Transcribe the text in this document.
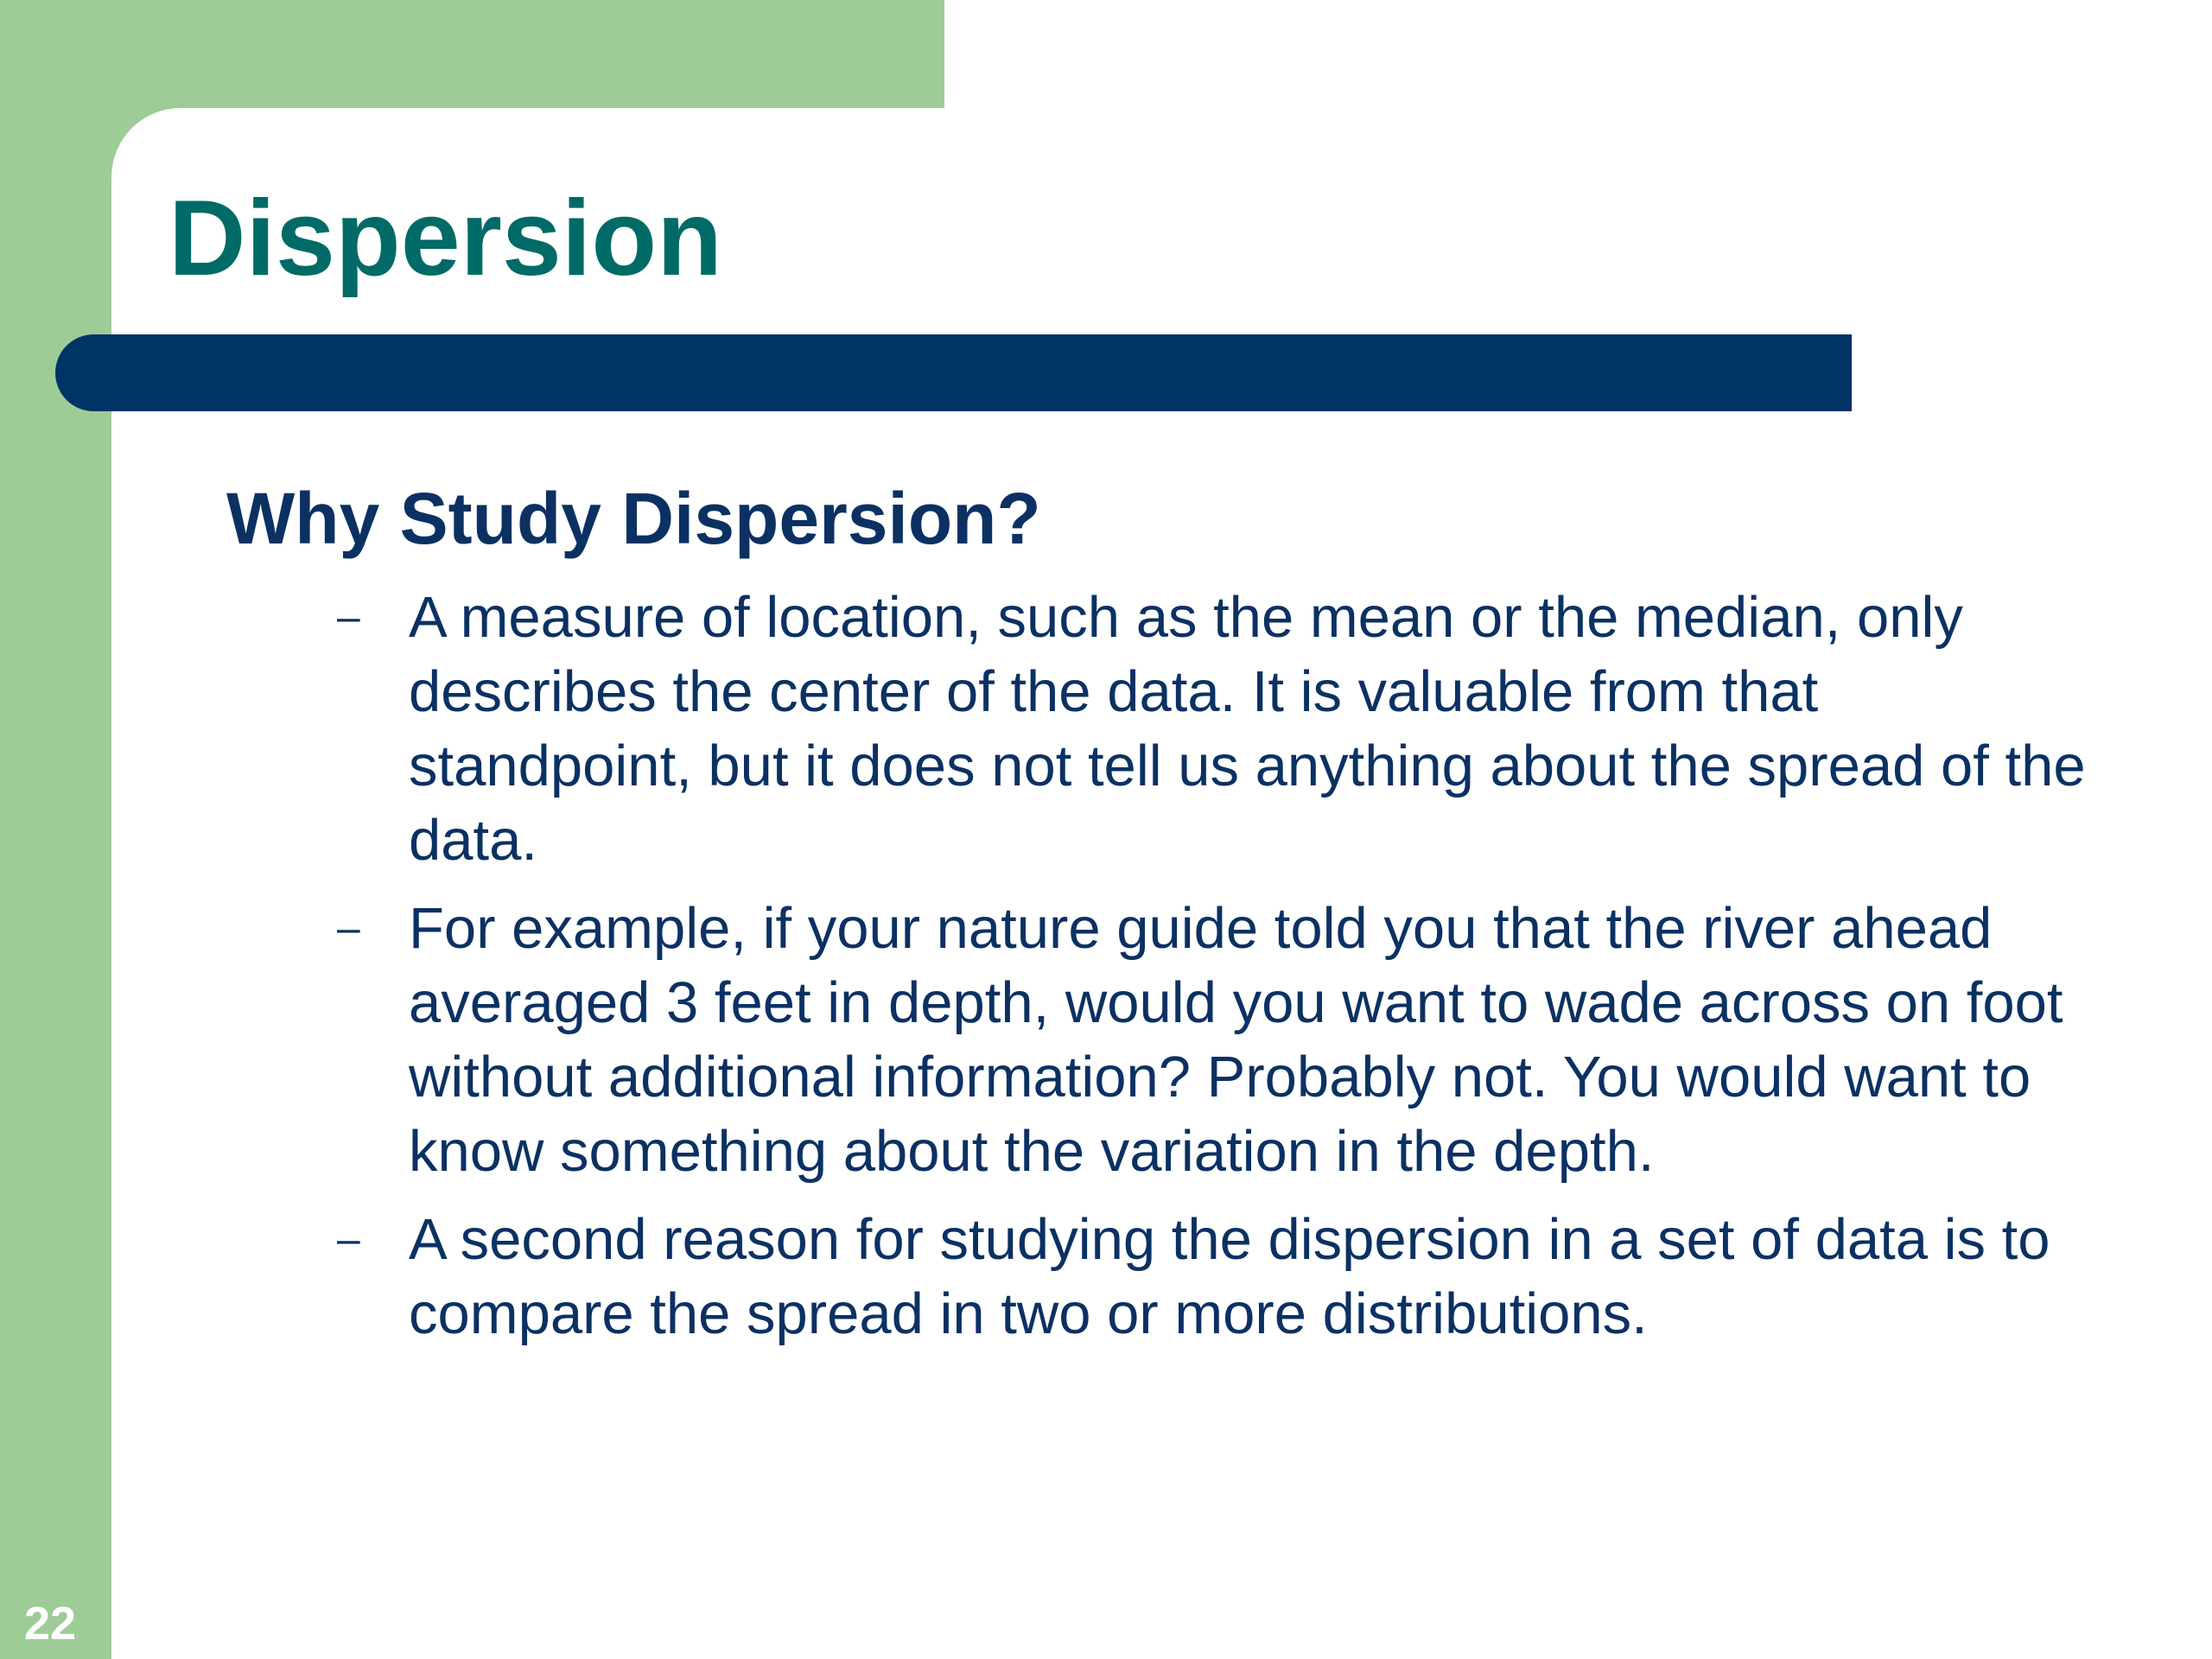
Dispersion
Why Study Dispersion?
– A measure of location, such as the mean or the median, only describes the center of the data. It is valuable from that standpoint, but it does not tell us anything about the spread of the data.
– For example, if your nature guide told you that the river ahead averaged 3 feet in depth, would you want to wade across on foot without additional information? Probably not. You would want to know something about the variation in the depth.
– A second reason for studying the dispersion in a set of data is to compare the spread in two or more distributions.
22
